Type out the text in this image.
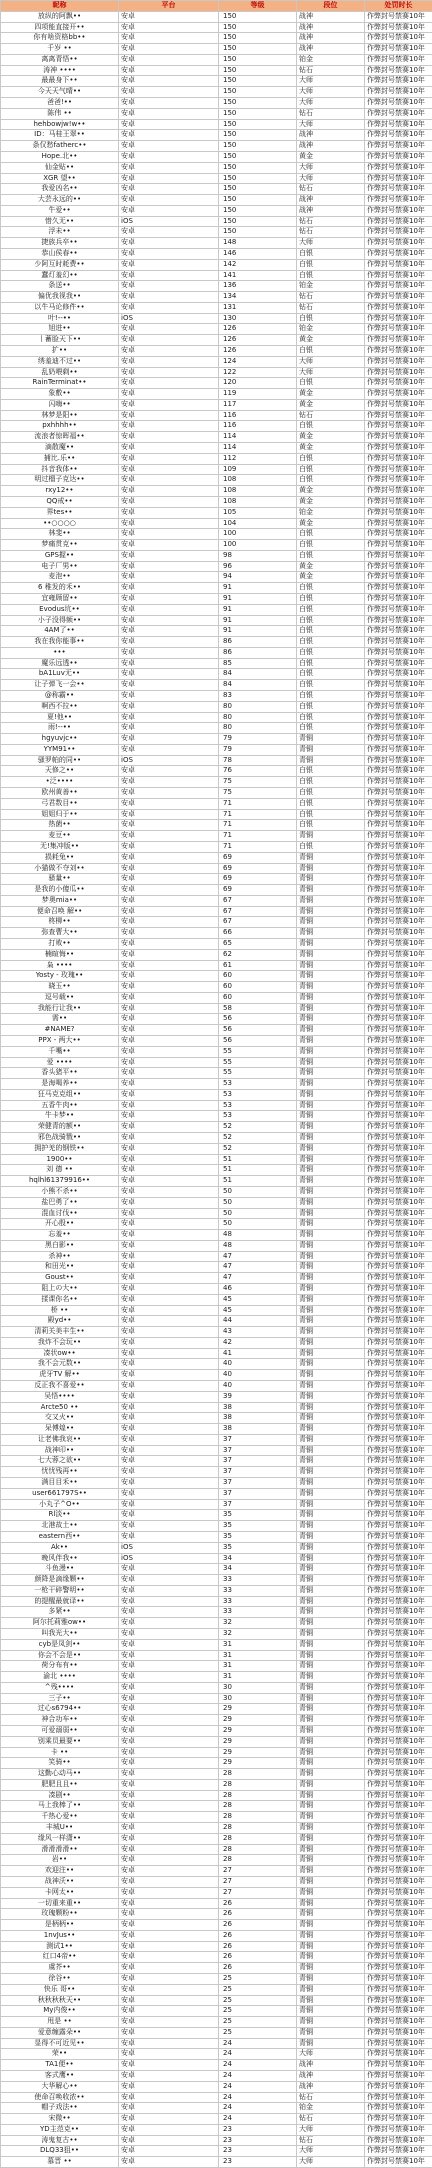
昵称	平台	等级	段位	处罚时长
放纵的阿飘••	安卓	150	战神	作弊封号禁赛10年
四项能直接开••	安卓	150	战神	作弊封号禁赛10年
你有啥资格bb••	安卓	150	战神	作弊封号禁赛10年
千岁 ••	安卓	150	战神	作弊封号禁赛10年
离离青悟••	安卓	150	铂金	作弊封号禁赛10年
涛神 ••••	安卓	150	钻石	作弊封号禁赛10年
最最身下••	安卓	150	大师	作弊封号禁赛10年
今天天气晴••	安卓	150	大师	作弊封号禁赛10年
爸爸!••	安卓	150	大师	作弊封号禁赛10年
陈伟 ••	安卓	150	钻石	作弊封号禁赛10年
hehbowjw!w••	安卓	150	大师	作弊封号禁赛10年
ID：马桂王翠••	安卓	150	战神	作弊封号禁赛10年
条仅愁fatherc••	安卓	150	战神	作弊封号禁赛10年
Hope.北••	安卓	150	黄金	作弊封号禁赛10年
仙金贴••	安卓	150	大师	作弊封号禁赛10年
XGR 望••	安卓	150	大师	作弊封号禁赛10年
我爱凶名••	安卓	150	钻石	作弊封号禁赛10年
大芸永远的••	安卓	150	战神	作弊封号禁赛10年
牛爱••	安卓	150	战神	作弊封号禁赛10年
惜久无••	iOS	150	钻石	作弊封号禁赛10年
浮未••	安卓	150	钻石	作弊封号禁赛10年
捷族兵卒••	安卓	148	大师	作弊封号禁赛10年
恭山侯春••	安卓	146	白银	作弊封号禁赛10年
少阿互时耗费••	安卓	142	白银	作弊封号禁赛10年
蠢灯羞幻••	安卓	141	白银	作弊封号禁赛10年
条送••	安卓	136	铂金	作弊封号禁赛10年
偏优我视我••	安卓	134	钻石	作弊封号禁赛10年
以牛马论修件••	安卓	131	钻石	作弊封号禁赛10年
叶!--••	iOS	130	白银	作弊封号禁赛10年
旭进••	安卓	126	铂金	作弊封号禁赛10年
丨蓄脸天下••	安卓	126	黄金	作弊封号禁赛10年
扩••	安卓	126	白银	作弊封号禁赛10年
绣羞迪不过••	安卓	124	大师	作弊封号禁赛10年
乱奶喂剩••	安卓	122	大师	作弊封号禁赛10年
RainTerminat••	安卓	120	白银	作弊封号禁赛10年
象敷••	安卓	119	黄金	作弊封号禁赛10年
闪嗨••	安卓	117	黄金	作弊封号禁赛10年
林梦是阳••	安卓	116	钻石	作弊封号禁赛10年
pxhhhh••	安卓	116	白银	作弊封号禁赛10年
流浪者惊晖福••	安卓	114	黄金	作弊封号禁赛10年
滴散魔••	安卓	114	黄金	作弊封号禁赛10年
捕比.乐••	安卓	112	白银	作弊封号禁赛10年
抖音我体••	安卓	109	白银	作弊封号禁赛10年
明过榴子克达••	安卓	108	白银	作弊封号禁赛10年
rxy12••	安卓	108	黄金	作弊封号禁赛10年
QQ戒••	安卓	108	黄金	作弊封号禁赛10年
界tes••	安卓	105	铂金	作弊封号禁赛10年
••○○○○	安卓	104	黄金	作弊封号禁赛10年
林斐••	安卓	100	白银	作弊封号禁赛10年
梦痛贯克••	安卓	100	白银	作弊封号禁赛10年
GPS握••	安卓	98	白银	作弊封号禁赛10年
电子厂男••	安卓	96	黄金	作弊封号禁赛10年
麦泡••	安卓	94	黄金	作弊封号禁赛10年
6 稚发的禾••	安卓	91	白银	作弊封号禁赛10年
宜雍顾留••	安卓	91	白银	作弊封号禁赛10年
Evodus坑••	安卓	91	白银	作弊封号禁赛10年
小子没得频••	安卓	91	白银	作弊封号禁赛10年
4AM了••	安卓	91	白银	作弊封号禁赛10年
我在我你能事••	安卓	86	白银	作弊封号禁赛10年
•••	安卓	86	白银	作弊封号禁赛10年
魔乐远透••	安卓	85	白银	作弊封号禁赛10年
bA1Luv无••	安卓	84	白银	作弊封号禁赛10年
让子弹飞一会••	安卓	84	白银	作弊封号禁赛10年
@称霸••	安卓	83	白银	作弊封号禁赛10年
啊西不拉••	安卓	80	白银	作弊封号禁赛10年
夏!他••	安卓	80	白银	作弊封号禁赛10年
雨!--••	安卓	80	白银	作弊封号禁赛10年
hgyuvjc••	安卓	79	青铜	作弊封号禁赛10年
YYM91••	安卓	79	青铜	作弊封号禁赛10年
骚罗帕的同••	iOS	78	青铜	作弊封号禁赛10年
天修之••	安卓	76	白银	作弊封号禁赛10年
•泛••••	安卓	75	白银	作弊封号禁赛10年
欧州黄善••	安卓	75	白银	作弊封号禁赛10年
弓君数目••	安卓	71	白银	作弊封号禁赛10年
姐姐归于••	安卓	71	白银	作弊封号禁赛10年
热菌••	安卓	71	白银	作弊封号禁赛10年
麦豆••	安卓	71	青铜	作弊封号禁赛10年
无!集冲版••	安卓	71	白银	作弊封号禁赛10年
损耗兔••	安卓	69	青铜	作弊封号禁赛10年
小猫做不夺刘••	安卓	69	青铜	作弊封号禁赛10年
骚量••	安卓	69	青铜	作弊封号禁赛10年
是我的小傻瓜••	安卓	69	青铜	作弊封号禁赛10年
梦奥mia••	安卓	67	青铜	作弊封号禁赛10年
便命召唤 解••	安卓	67	青铜	作弊封号禁赛10年
柊柳••	安卓	67	青铜	作弊封号禁赛10年
弥查曹大••	安卓	66	青铜	作弊封号禁赛10年
打败••	安卓	65	青铜	作弊封号禁赛10年
楠暄悔••	安卓	62	青铜	作弊封号禁赛10年
枭 ••••	安卓	61	青铜	作弊封号禁赛10年
Yosty - 玫瑰••	安卓	60	青铜	作弊封号禁赛10年
晓玉••	安卓	60	青铜	作弊封号禁赛10年
逗号载••	安卓	60	青铜	作弊封号禁赛10年
我能行让我••	安卓	58	青铜	作弊封号禁赛10年
需••	安卓	56	青铜	作弊封号禁赛10年
#NAME?	安卓	56	青铜	作弊封号禁赛10年
PPX - 两大••	安卓	56	青铜	作弊封号禁赛10年
千嘴••	安卓	55	青铜	作弊封号禁赛10年
爱 ••••	安卓	55	青铜	作弊封号禁赛10年
香头猪平••	安卓	55	青铜	作弊封号禁赛10年
是海喝养••	安卓	53	青铜	作弊封号禁赛10年
狂马克克组••	安卓	53	青铜	作弊封号禁赛10年
五香牛肉••	安卓	53	青铜	作弊封号禁赛10年
牛卡梦••	安卓	53	青铜	作弊封号禁赛10年
荣健青的额••	安卓	52	青铜	作弊封号禁赛10年
邪色战骑戮••	安卓	52	青铜	作弊封号禁赛10年
拥护羌的钢铁••	安卓	52	青铜	作弊封号禁赛10年
1900••	安卓	51	青铜	作弊封号禁赛10年
刘 德 ••	安卓	51	青铜	作弊封号禁赛10年
hqlhl61379916••	安卓	51	青铜	作弊封号禁赛10年
小熊不杀••	安卓	50	青铜	作弊封号禁赛10年
盐巴勇了••	安卓	50	青铜	作弊封号禁赛10年
混血讨伐••	安卓	50	青铜	作弊封号禁赛10年
开心殷••	安卓	50	青铜	作弊封号禁赛10年
忘羞••	安卓	48	青铜	作弊封号禁赛10年
黑白影••	安卓	48	青铜	作弊封号禁赛10年
杀神••	安卓	47	青铜	作弊封号禁赛10年
和田光••	安卓	47	青铜	作弊封号禁赛10年
Goust••	安卓	47	青铜	作弊封号禁赛10年
阻上の大••	安卓	46	青铜	作弊封号禁赛10年
揉课你名••	安卓	45	青铜	作弊封号禁赛10年
桥 ••	安卓	45	青铜	作弊封号禁赛10年
殿yd••	安卓	44	青铜	作弊封号禁赛10年
清莉关美丰生••	安卓	43	青铜	作弊封号禁赛10年
我炸不会玩••	安卓	42	青铜	作弊封号禁赛10年
凑状ow••	安卓	41	青铜	作弊封号禁赛10年
我不会元数••	安卓	40	青铜	作弊封号禁赛10年
虎牙TV 解••	安卓	40	青铜	作弊封号禁赛10年
反正我不喜爱••	安卓	40	青铜	作弊封号禁赛10年
吴悟••••	安卓	39	青铜	作弊封号禁赛10年
Arcte50 ••	安卓	38	青铜	作弊封号禁赛10年
交又火••	安卓	38	青铜	作弊封号禁赛10年
呆傅煌••	安卓	38	青铜	作弊封号禁赛10年
让老佛我哀••	安卓	37	青铜	作弊封号禁赛10年
战神印••	安卓	37	青铜	作弊封号禁赛10年
七大蓉之欲••	安卓	37	青铜	作弊封号禁赛10年
忧忧残再••	安卓	37	青铜	作弊封号禁赛10年
满目目禾••	安卓	37	青铜	作弊封号禁赛10年
user661797S••	安卓	37	青铜	作弊封号禁赛10年
小丸子^O••	安卓	37	青铜	作弊封号禁赛10年
Rl淡••	安卓	35	青铜	作弊封号禁赛10年
北港故土••	安卓	35	青铜	作弊封号禁赛10年
eastern西••	安卓	35	青铜	作弊封号禁赛10年
Ak••	iOS	35	青铜	作弊封号禁赛10年
晚风伴我••	iOS	34	青铜	作弊封号禁赛10年
斗鱼漫••	安卓	34	青铜	作弊封号禁赛10年
颜降是滴缘颗••	安卓	33	青铜	作弊封号禁赛10年
一枪干碎警明••	安卓	33	青铜	作弊封号禁赛10年
的提醒最就译••	安卓	33	青铜	作弊封号禁赛10年
多紧••	安卓	33	青铜	作弊封号禁赛10年
阿尔托莉雅ow••	安卓	32	青铜	作弊封号禁赛10年
叫我光大••	安卓	32	青铜	作弊封号禁赛10年
cyb是凤剑••	安卓	31	青铜	作弊封号禁赛10年
你会不会是••	安卓	31	青铜	作弊封号禁赛10年
荷分布有••	安卓	31	青铜	作弊封号禁赛10年
渝北 ••••	安卓	31	青铜	作弊封号禁赛10年
^残••••	安卓	30	青铜	作弊封号禁赛10年
三子••	安卓	30	青铜	作弊封号禁赛10年
过心s6794••	安卓	29	青铜	作弊封号禁赛10年
神合功车••	安卓	29	青铜	作弊封号禁赛10年
可爱溺弱••	安卓	29	青铜	作弊封号禁赛10年
别乘员最要••	安卓	29	青铜	作弊封号禁赛10年
卡 ••	安卓	29	青铜	作弊封号禁赛10年
笑骑••	安卓	29	青铜	作弊封号禁赛10年
这勤心动马••	安卓	28	青铜	作弊封号禁赛10年
肥肥且且••	安卓	28	青铜	作弊封号禁赛10年
凑剧••	安卓	28	青铜	作弊封号禁赛10年
马上我棒了••	安卓	28	青铜	作弊封号禁赛10年
千热心爱••	安卓	28	青铜	作弊封号禁赛10年
丰城U••	安卓	28	青铜	作弊封号禁赛10年
缘风一样潇••	安卓	28	青铜	作弊封号禁赛10年
滑滑滑滑••	安卓	28	青铜	作弊封号禁赛10年
岩••	安卓	28	青铜	作弊封号禁赛10年
欢迎注••	安卓	27	青铜	作弊封号禁赛10年
战神沃••	安卓	27	青铜	作弊封号禁赛10年
卡网太••	安卓	27	青铜	作弊封号禁赛10年
一切重来重••	安卓	26	青铜	作弊封号禁赛10年
玫瑰颗粉••	安卓	26	青铜	作弊封号禁赛10年
是柄柄••	安卓	26	青铜	作弊封号禁赛10年
1nvJus••	安卓	26	青铜	作弊封号禁赛10年
测试1••	安卓	26	青铜	作弊封号禁赛10年
红口4帝••	安卓	26	青铜	作弊封号禁赛10年
虞芥••	安卓	26	青铜	作弊封号禁赛10年
徐谷••	安卓	25	青铜	作弊封号禁赛10年
快乐 哥••	安卓	25	青铜	作弊封号禁赛10年
秋秋秋秋天••	安卓	25	青铜	作弊封号禁赛10年
My内俊••	安卓	25	青铜	作弊封号禁赛10年
甩是 ••	安卓	25	青铜	作弊封号禁赛10年
爱意缠露朵••	安卓	25	青铜	作弊封号禁赛10年
显得不可近见••	安卓	24	青铜	作弊封号禁赛10年
荣••	安卓	24	大师	作弊封号禁赛10年
TA1便••	安卓	24	战神	作弊封号禁赛10年
客式鹰••	安卓	24	战神	作弊封号禁赛10年
大华解心••	安卓	24	战神	作弊封号禁赛10年
使命召唤收浓••	安卓	24	钻石	作弊封号禁赛10年
帽子戏法••	安卓	24	铂金	作弊封号禁赛10年
宋微••	安卓	24	钻石	作弊封号禁赛10年
YD主范克••	安卓	23	大师	作弊封号禁赛10年
涛鬼复古••	安卓	23	钻石	作弊封号禁赛10年
DLQ33狙••	安卓	23	大师	作弊封号禁赛10年
慕晋 ••	安卓	23	大师	作弊封号禁赛10年
